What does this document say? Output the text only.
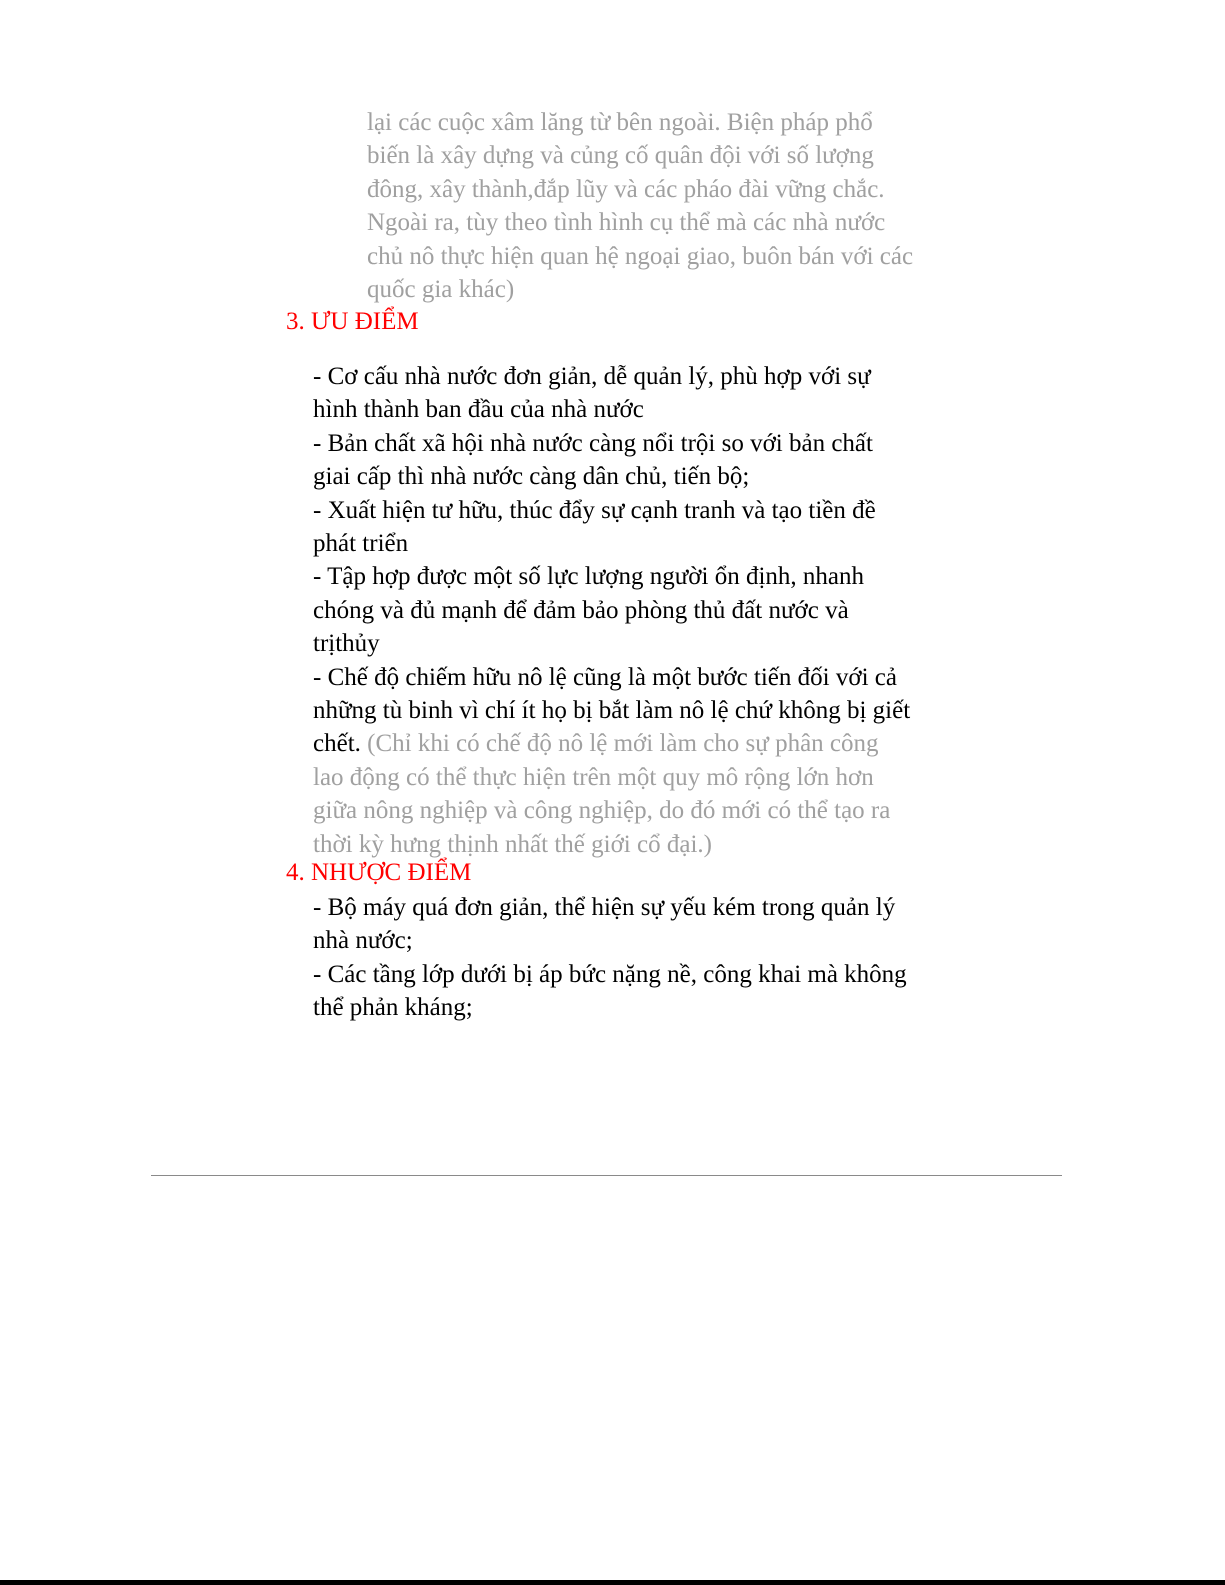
lại các cuộc xâm lăng từ bên ngoài. Biện pháp phổ
biến là xây dựng và củng cố quân đội với số lượng
đông, xây thành,đắp lũy và các pháo đài vững chắc.
Ngoài ra, tùy theo tình hình cụ thể mà các nhà nước
chủ nô thực hiện quan hệ ngoại giao, buôn bán với các
quốc gia khác)
3. ƯU ĐIỂM
- Cơ cấu nhà nước đơn giản, dễ quản lý, phù hợp với sự
hình thành ban đầu của nhà nước
- Bản chất xã hội nhà nước càng nổi trội so với bản chất
giai cấp thì nhà nước càng dân chủ, tiến bộ;
- Xuất hiện tư hữu, thúc đẩy sự cạnh tranh và tạo tiền đề
phát triển
- Tập hợp được một số lực lượng người ổn định, nhanh
chóng và đủ mạnh để đảm bảo phòng thủ đất nước và
trịthủy
- Chế độ chiếm hữu nô lệ cũng là một bước tiến đối với cả
những tù binh vì chí ít họ bị bắt làm nô lệ chứ không bị giết
chết. (Chỉ khi có chế độ nô lệ mới làm cho sự phân công
lao động có thể thực hiện trên một quy mô rộng lớn hơn
giữa nông nghiệp và công nghiệp, do đó mới có thể tạo ra
thời kỳ hưng thịnh nhất thế giới cổ đại.)
4. NHƯỢC ĐIỂM
- Bộ máy quá đơn giản, thể hiện sự yếu kém trong quản lý
nhà nước;
- Các tầng lớp dưới bị áp bức nặng nề, công khai mà không
thể phản kháng;
